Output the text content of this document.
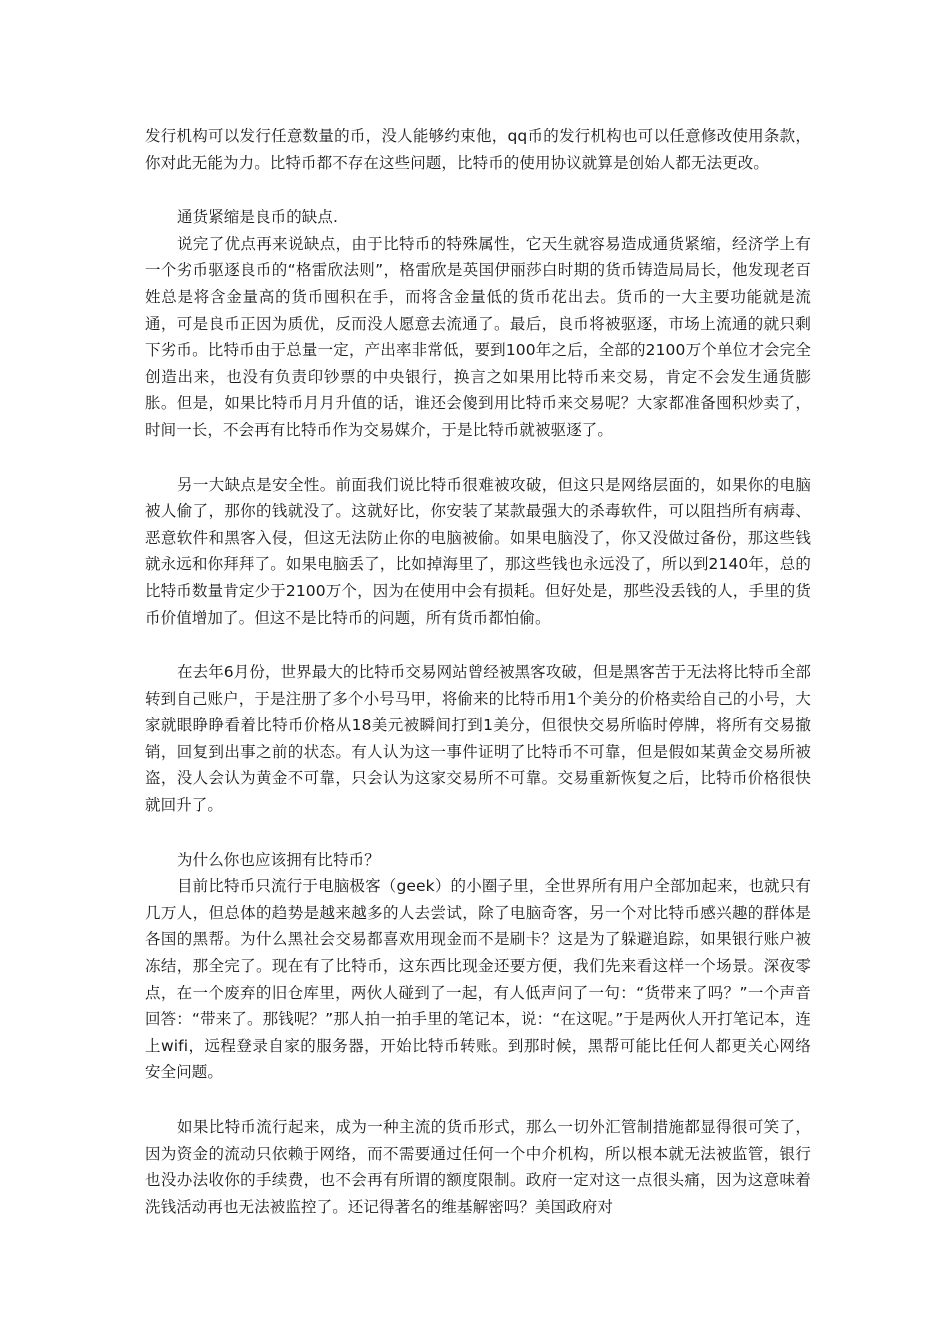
发行机构可以发行任意数量的币，没人能够约束他，qq币的发行机构也可以任意修改使用条款，你对此无能为力。比特币都不存在这些问题，比特币的使用协议就算是创始人都无法更改。

通货紧缩是良币的缺点.

说完了优点再来说缺点，由于比特币的特殊属性，它天生就容易造成通货紧缩，经济学上有一个劣币驱逐良币的“格雷欣法则”，格雷欣是英国伊丽莎白时期的货币铸造局局长，他发现老百姓总是将含金量高的货币囤积在手，而将含金量低的货币花出去。货币的一大主要功能就是流通，可是良币正因为质优，反而没人愿意去流通了。最后，良币将被驱逐，市场上流通的就只剩下劣币。比特币由于总量一定，产出率非常低，要到100年之后，全部的2100万个单位才会完全创造出来，也没有负责印钞票的中央银行，换言之如果用比特币来交易，肯定不会发生通货膨胀。但是，如果比特币月月升值的话，谁还会傻到用比特币来交易呢？大家都准备囤积炒卖了，时间一长，不会再有比特币作为交易媒介，于是比特币就被驱逐了。

另一大缺点是安全性。前面我们说比特币很难被攻破，但这只是网络层面的，如果你的电脑被人偷了，那你的钱就没了。这就好比，你安装了某款最强大的杀毒软件，可以阻挡所有病毒、恶意软件和黑客入侵，但这无法防止你的电脑被偷。如果电脑没了，你又没做过备份，那这些钱就永远和你拜拜了。如果电脑丢了，比如掉海里了，那这些钱也永远没了，所以到2140年，总的比特币数量肯定少于2100万个，因为在使用中会有损耗。但好处是，那些没丢钱的人，手里的货币价值增加了。但这不是比特币的问题，所有货币都怕偷。

在去年6月份，世界最大的比特币交易网站曾经被黑客攻破，但是黑客苦于无法将比特币全部转到自己账户，于是注册了多个小号马甲，将偷来的比特币用1个美分的价格卖给自己的小号，大家就眼睁睁看着比特币价格从18美元被瞬间打到1美分，但很快交易所临时停牌，将所有交易撤销，回复到出事之前的状态。有人认为这一事件证明了比特币不可靠，但是假如某黄金交易所被盗，没人会认为黄金不可靠，只会认为这家交易所不可靠。交易重新恢复之后，比特币价格很快就回升了。

为什么你也应该拥有比特币？

目前比特币只流行于电脑极客（geek）的小圈子里，全世界所有用户全部加起来，也就只有几万人，但总体的趋势是越来越多的人去尝试，除了电脑奇客，另一个对比特币感兴趣的群体是各国的黑帮。为什么黑社会交易都喜欢用现金而不是刷卡？这是为了躲避追踪，如果银行账户被冻结，那全完了。现在有了比特币，这东西比现金还要方便，我们先来看这样一个场景。深夜零点，在一个废弃的旧仓库里，两伙人碰到了一起，有人低声问了一句：“货带来了吗？”一个声音回答：“带来了。那钱呢？”那人拍一拍手里的笔记本，说：“在这呢。”于是两伙人开打笔记本，连上wifi，远程登录自家的服务器，开始比特币转账。到那时候，黑帮可能比任何人都更关心网络安全问题。

如果比特币流行起来，成为一种主流的货币形式，那么一切外汇管制措施都显得很可笑了，因为资金的流动只依赖于网络，而不需要通过任何一个中介机构，所以根本就无法被监管，银行也没办法收你的手续费，也不会再有所谓的额度限制。政府一定对这一点很头痛，因为这意味着洗钱活动再也无法被监控了。还记得著名的维基解密吗？美国政府对
